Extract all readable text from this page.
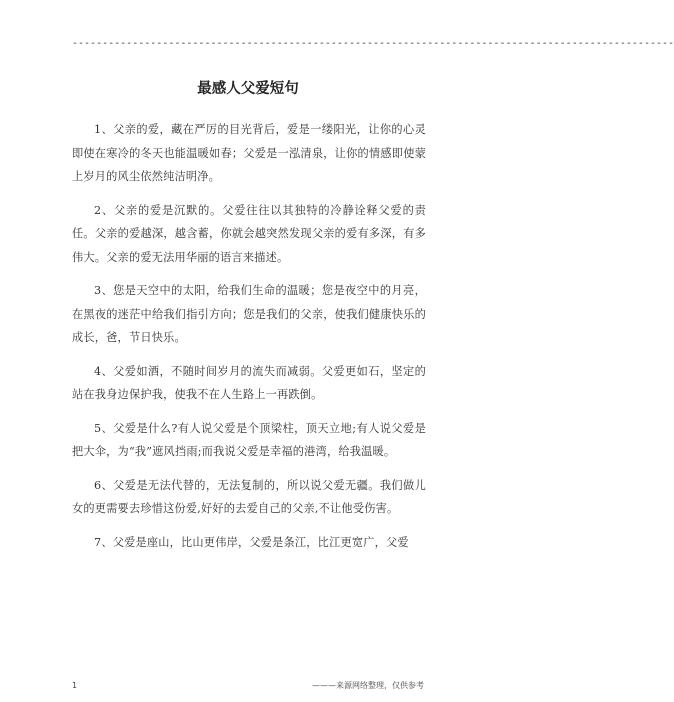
----------------------------------------------------------------------------------------------------
最感人父爱短句

1、父亲的爱，藏在严厉的目光背后，爱是一缕阳光，让你的心灵即使在寒冷的冬天也能温暖如春；父爱是一泓清泉，让你的情感即使蒙上岁月的风尘依然纯洁明净。

2、父亲的爱是沉默的。父爱往往以其独特的冷静诠释父爱的责任。父亲的爱越深，越含蓄，你就会越突然发现父亲的爱有多深，有多伟大。父亲的爱无法用华丽的语言来描述。

3、您是天空中的太阳，给我们生命的温暖；您是夜空中的月亮，在黑夜的迷茫中给我们指引方向；您是我们的父亲，使我们健康快乐的成长，爸，节日快乐。

4、父爱如酒，不随时间岁月的流失而减弱。父爱更如石，坚定的站在我身边保护我，使我不在人生路上一再跌倒。

5、父爱是什么?有人说父爱是个顶梁柱，顶天立地;有人说父爱是把大伞，为“我”遮风挡雨;而我说父爱是幸福的港湾，给我温暖。

6、父爱是无法代替的，无法复制的，所以说父爱无疆。我们做儿女的更需要去珍惜这份爱,好好的去爱自己的父亲,不让他受伤害。

7、父爱是座山，比山更伟岸，父爱是条江，比江更宽广，父爱

1	———来源网络整理，仅供参考
